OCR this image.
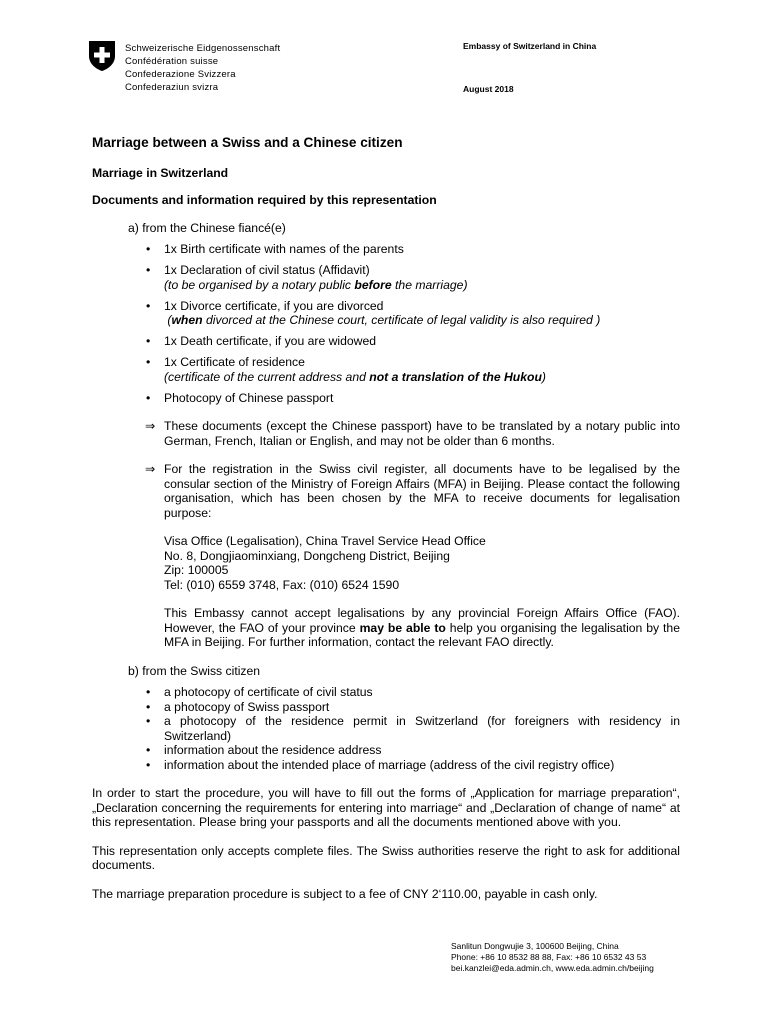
Schweizerische Eidgenossenschaft
Confédération suisse
Confederazione Svizzera
Confederaziun svizra
Embassy of Switzerland in China
August 2018
Marriage between a Swiss and a Chinese citizen
Marriage in Switzerland
Documents and information required by this representation
a) from the Chinese fiancé(e)
• 1x Birth certificate with names of the parents
• 1x Declaration of civil status (Affidavit)
(to be organised by a notary public before the marriage)
• 1x Divorce certificate, if you are divorced
(when divorced at the Chinese court, certificate of legal validity is also required )
• 1x Death certificate, if you are widowed
• 1x Certificate of residence
(certificate of the current address and not a translation of the Hukou)
• Photocopy of Chinese passport
⇒ These documents (except the Chinese passport) have to be translated by a notary public into German, French, Italian or English, and may not be older than 6 months.

⇒ For the registration in the Swiss civil register, all documents have to be legalised by the consular section of the Ministry of Foreign Affairs (MFA) in Beijing. Please contact the following organisation, which has been chosen by the MFA to receive documents for legalisation purpose:

Visa Office (Legalisation), China Travel Service Head Office
No. 8, Dongjiaominxiang, Dongcheng District, Beijing
Zip: 100005
Tel: (010) 6559 3748, Fax: (010) 6524 1590

This Embassy cannot accept legalisations by any provincial Foreign Affairs Office (FAO). However, the FAO of your province may be able to help you organising the legalisation by the MFA in Beijing. For further information, contact the relevant FAO directly.

b) from the Swiss citizen
• a photocopy of certificate of civil status
• a photocopy of Swiss passport
• a photocopy of the residence permit in Switzerland (for foreigners with residency in Switzerland)
• information about the residence address
• information about the intended place of marriage (address of the civil registry office)

In order to start the procedure, you will have to fill out the forms of „Application for marriage preparation“, „Declaration concerning the requirements for entering into marriage“ and „Declaration of change of name“ at this representation. Please bring your passports and all the documents mentioned above with you.

This representation only accepts complete files. The Swiss authorities reserve the right to ask for additional documents.

The marriage preparation procedure is subject to a fee of CNY 2‘110.00, payable in cash only.

Sanlitun Dongwujie 3, 100600 Beijing, China
Phone: +86 10 8532 88 88, Fax: +86 10 6532 43 53
bei.kanzlei@eda.admin.ch, www.eda.admin.ch/beijing
